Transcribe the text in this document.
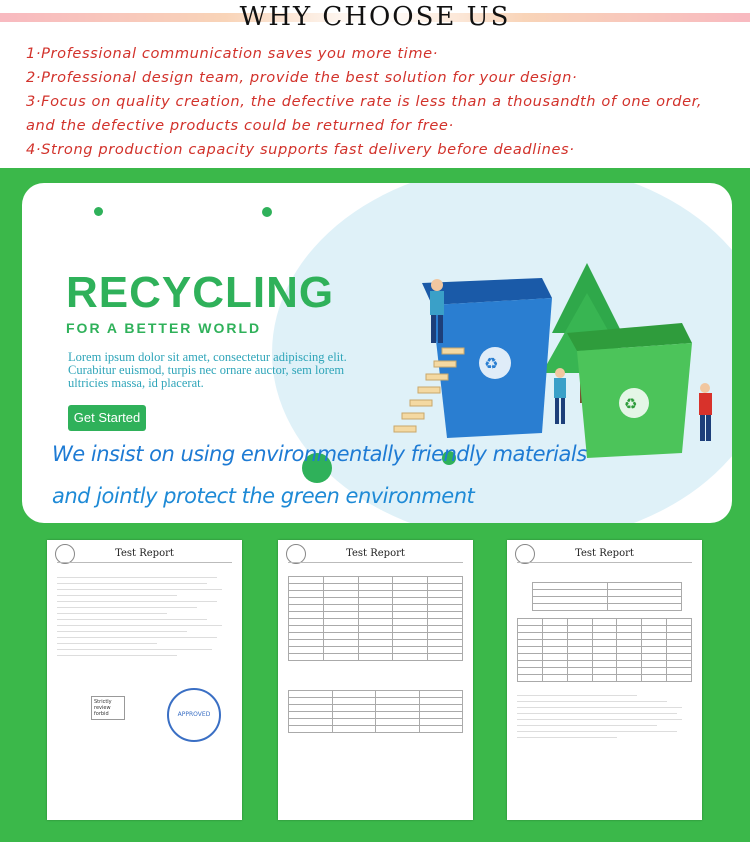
WHY CHOOSE US
1·Professional communication saves you more time·
2·Professional design team, provide the best solution for your design·
3·Focus on quality creation, the defective rate is less than a thousandth of one order, and the defective products could be returned for free·
4·Strong production capacity supports fast delivery before deadlines·
RECYCLING
FOR A BETTER WORLD
Lorem ipsum dolor sit amet, consectetur adipiscing elit. Curabitur euismod, turpis nec ornare auctor, sem lorem ultricies massa, id placerat.
Get Started
♻
♻
We insist on using environmentally friendly materials
and jointly protect the green environment
Test Report
Strictly review forbid	APPROVED
Test Report

				Test Report
